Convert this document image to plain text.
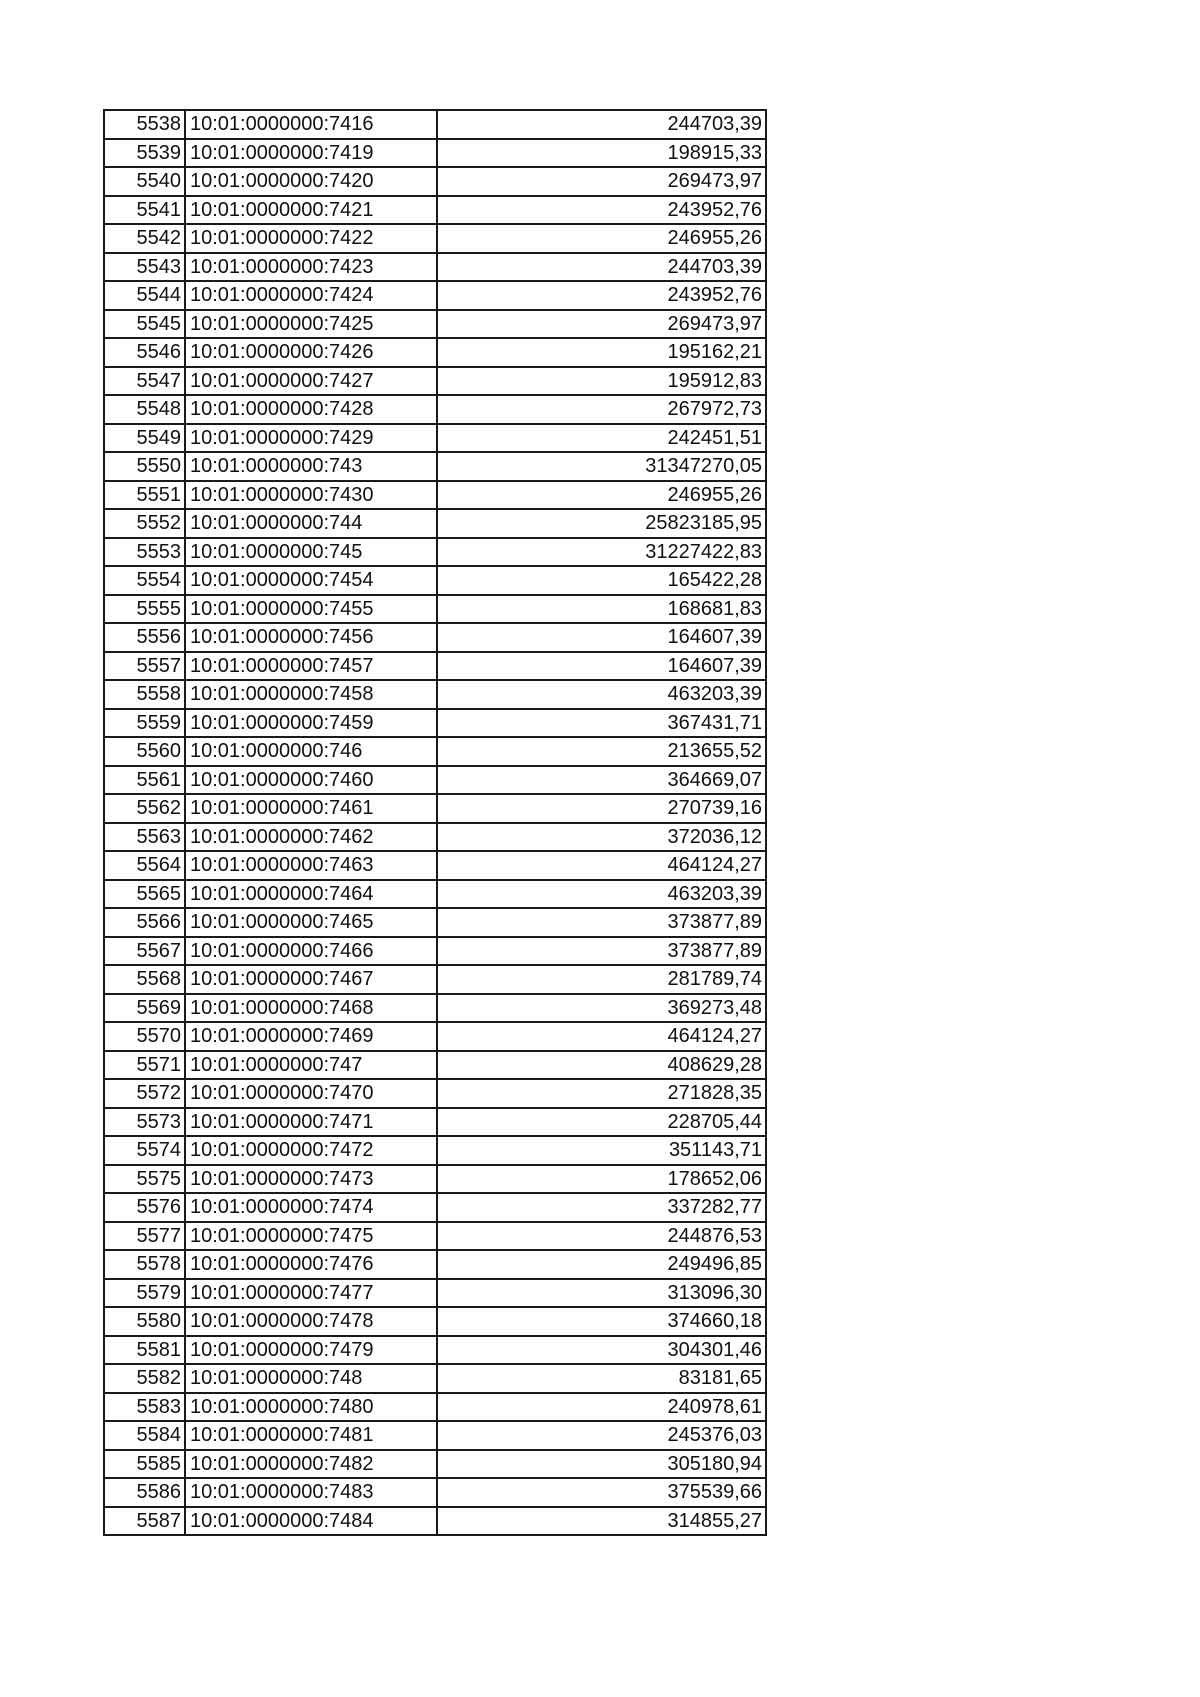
5538	10:01:0000000:7416	244703,39
5539	10:01:0000000:7419	198915,33
5540	10:01:0000000:7420	269473,97
5541	10:01:0000000:7421	243952,76
5542	10:01:0000000:7422	246955,26
5543	10:01:0000000:7423	244703,39
5544	10:01:0000000:7424	243952,76
5545	10:01:0000000:7425	269473,97
5546	10:01:0000000:7426	195162,21
5547	10:01:0000000:7427	195912,83
5548	10:01:0000000:7428	267972,73
5549	10:01:0000000:7429	242451,51
5550	10:01:0000000:743	31347270,05
5551	10:01:0000000:7430	246955,26
5552	10:01:0000000:744	25823185,95
5553	10:01:0000000:745	31227422,83
5554	10:01:0000000:7454	165422,28
5555	10:01:0000000:7455	168681,83
5556	10:01:0000000:7456	164607,39
5557	10:01:0000000:7457	164607,39
5558	10:01:0000000:7458	463203,39
5559	10:01:0000000:7459	367431,71
5560	10:01:0000000:746	213655,52
5561	10:01:0000000:7460	364669,07
5562	10:01:0000000:7461	270739,16
5563	10:01:0000000:7462	372036,12
5564	10:01:0000000:7463	464124,27
5565	10:01:0000000:7464	463203,39
5566	10:01:0000000:7465	373877,89
5567	10:01:0000000:7466	373877,89
5568	10:01:0000000:7467	281789,74
5569	10:01:0000000:7468	369273,48
5570	10:01:0000000:7469	464124,27
5571	10:01:0000000:747	408629,28
5572	10:01:0000000:7470	271828,35
5573	10:01:0000000:7471	228705,44
5574	10:01:0000000:7472	351143,71
5575	10:01:0000000:7473	178652,06
5576	10:01:0000000:7474	337282,77
5577	10:01:0000000:7475	244876,53
5578	10:01:0000000:7476	249496,85
5579	10:01:0000000:7477	313096,30
5580	10:01:0000000:7478	374660,18
5581	10:01:0000000:7479	304301,46
5582	10:01:0000000:748	83181,65
5583	10:01:0000000:7480	240978,61
5584	10:01:0000000:7481	245376,03
5585	10:01:0000000:7482	305180,94
5586	10:01:0000000:7483	375539,66
5587	10:01:0000000:7484	314855,27
